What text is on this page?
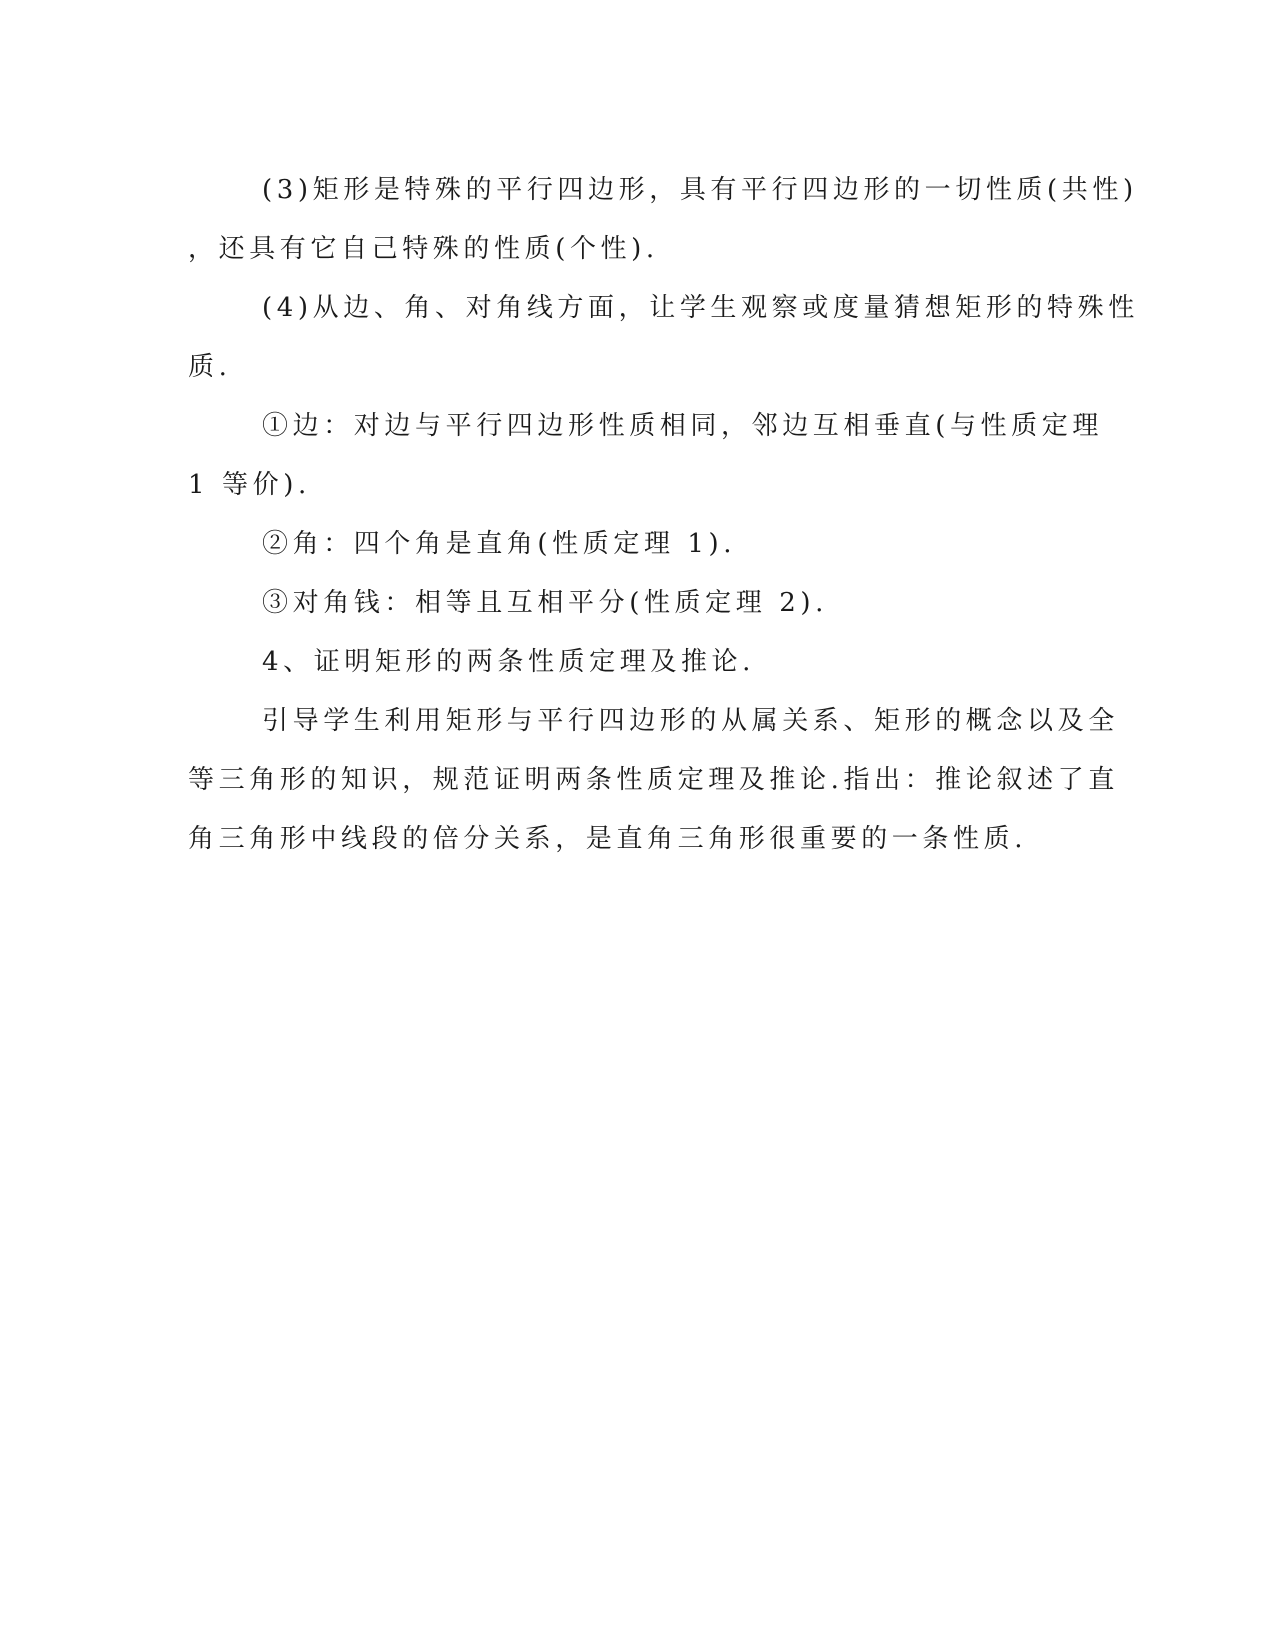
(3)矩形是特殊的平行四边形，具有平行四边形的一切性质(共性)
，还具有它自己特殊的性质(个性).
(4)从边、角、对角线方面，让学生观察或度量猜想矩形的特殊性
质.
①边：对边与平行四边形性质相同，邻边互相垂直(与性质定理
1 等价).
②角：四个角是直角(性质定理 1).
③对角钱：相等且互相平分(性质定理 2).
4、证明矩形的两条性质定理及推论.
引导学生利用矩形与平行四边形的从属关系、矩形的概念以及全
等三角形的知识，规范证明两条性质定理及推论.指出：推论叙述了直
角三角形中线段的倍分关系，是直角三角形很重要的一条性质.
